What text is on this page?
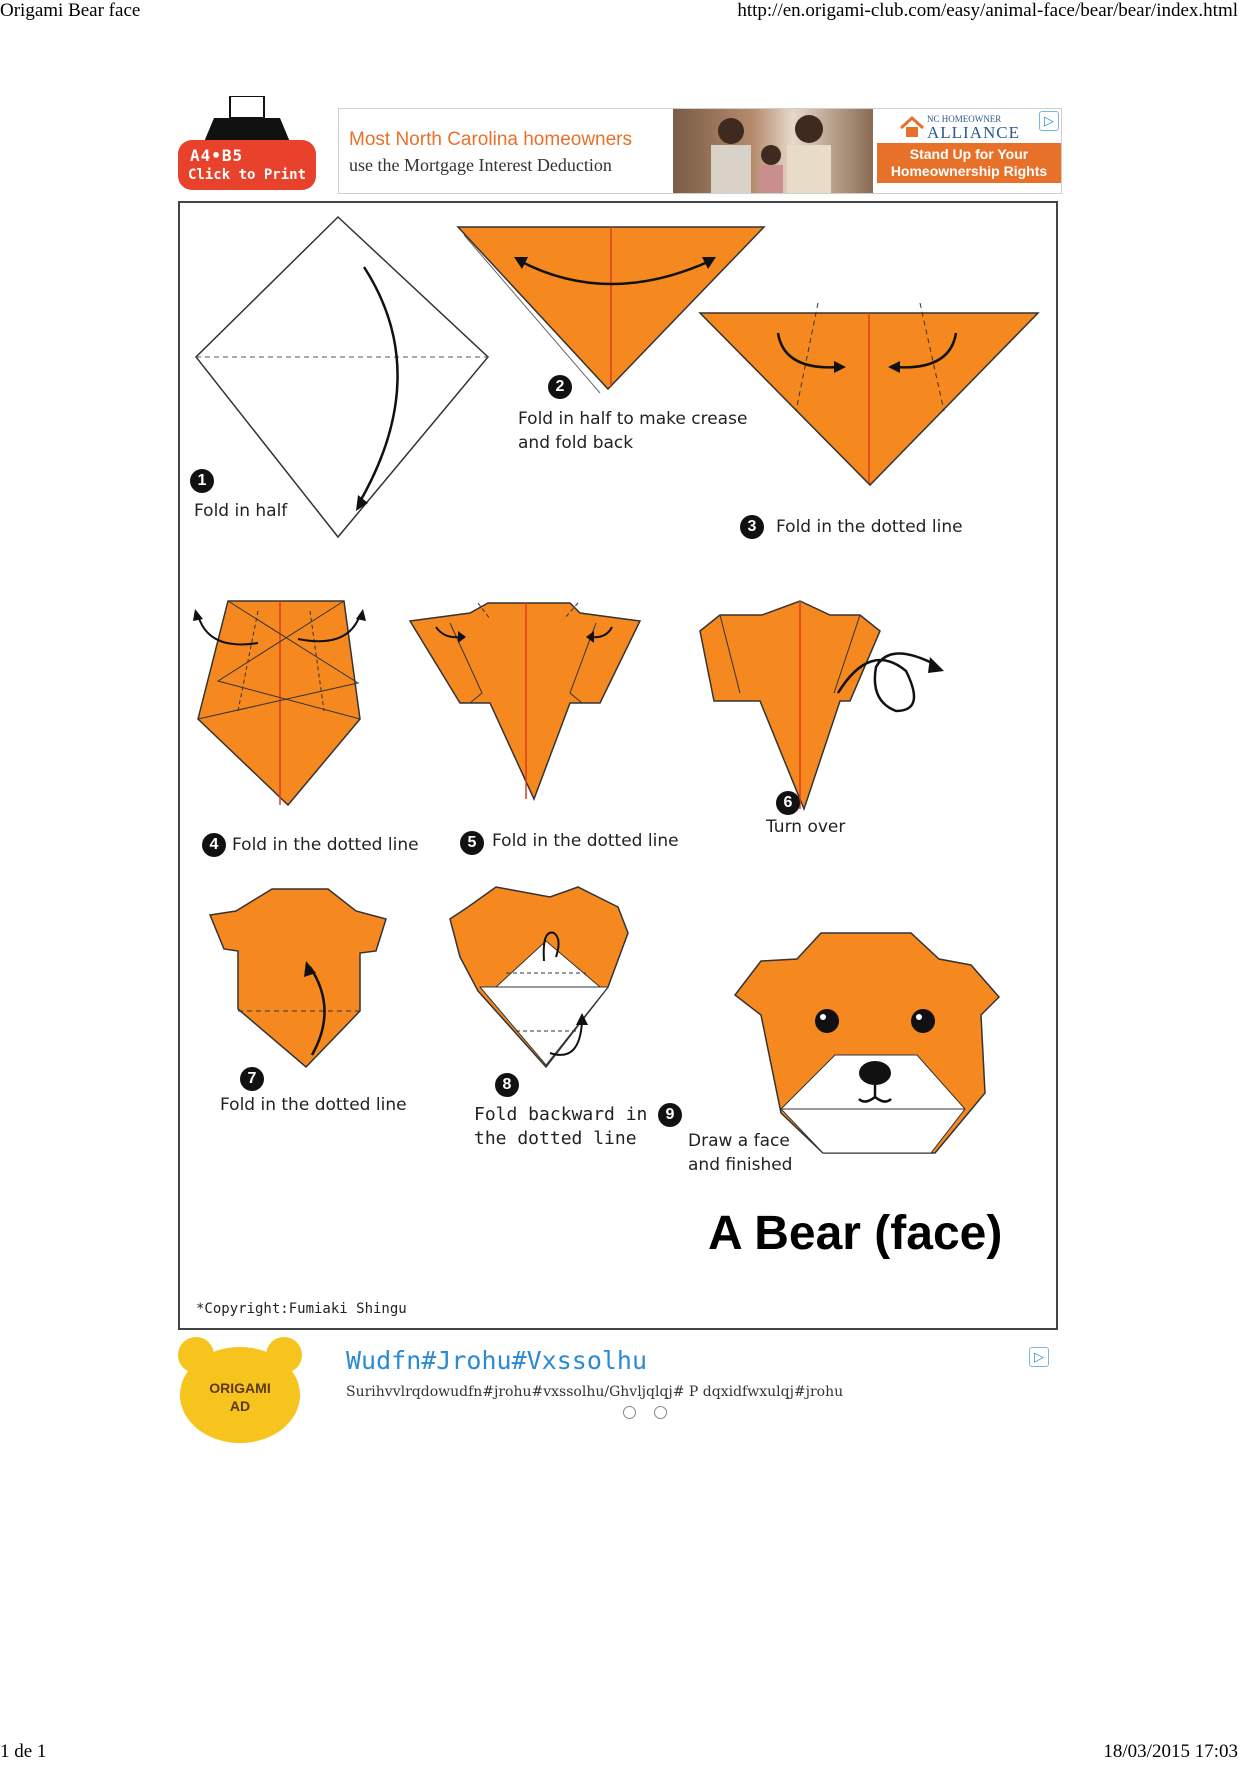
Origami Bear face	http://en.origami-club.com/easy/animal-face/bear/bear/index.html
A4•B5
Click to Print
Most North Carolina homeowners
use the Mortgage Interest Deduction
NC HOMEOWNER
ALLIANCE
Stand Up for Your Homeownership Rights
▷
1
Fold in half
2
Fold in half to make crease
and fold back
3	Fold in the dotted line
4 Fold in the dotted line	5 Fold in the dotted line
6
Turn over
7
Fold in the dotted line
8
Fold backward in
the dotted line
9
Draw a face
and finished
A Bear (face)
*Copyright:Fumiaki Shingu
ORIGAMI
AD
Wudfn#Jrohu#Vxssolhu
Surihvvlrqdowudfn#jrohu#vxssolhu/Ghvljqlqj# P dqxidfwxulqj#jrohu
▷
1 de 1	18/03/2015 17:03
